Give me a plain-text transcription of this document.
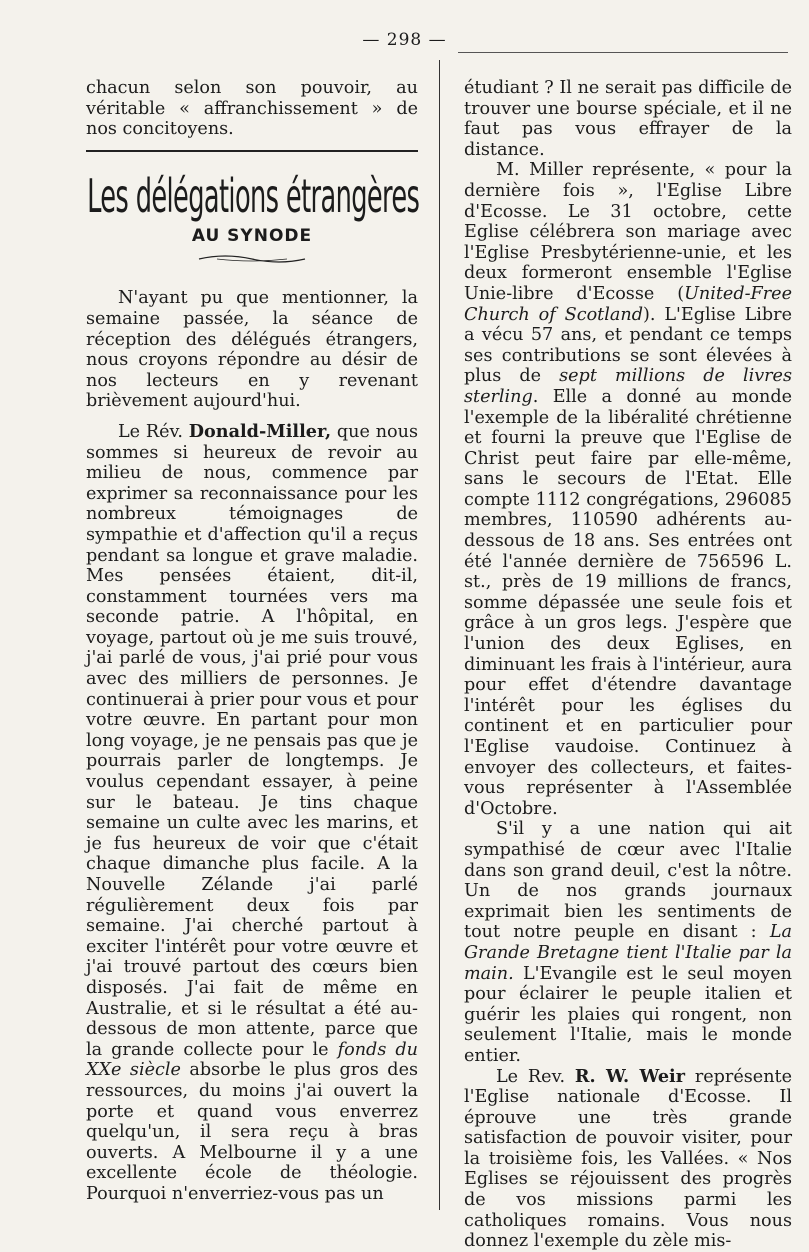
— 298 —

chacun selon son pouvoir, au véritable « affranchissement » de nos concitoyens.

Les délégations étrangères
AU SYNODE

N'ayant pu que mentionner, la semaine passée, la séance de réception des délégués étrangers, nous croyons répondre au désir de nos lecteurs en y revenant brièvement aujourd'hui.

Le Rév. Donald-Miller, que nous sommes si heureux de revoir au milieu de nous, commence par exprimer sa reconnaissance pour les nombreux témoignages de sympathie et d'affection qu'il a reçus pendant sa longue et grave maladie. Mes pensées étaient, dit-il, constamment tournées vers ma seconde patrie. A l'hôpital, en voyage, partout où je me suis trouvé, j'ai parlé de vous, j'ai prié pour vous avec des milliers de personnes. Je continuerai à prier pour vous et pour votre œuvre. En partant pour mon long voyage, je ne pensais pas que je pourrais parler de longtemps. Je voulus cependant essayer, à peine sur le bateau. Je tins chaque semaine un culte avec les marins, et je fus heureux de voir que c'était chaque dimanche plus facile. A la Nouvelle Zélande j'ai parlé régulièrement deux fois par semaine. J'ai cherché partout à exciter l'intérêt pour votre œuvre et j'ai trouvé partout des cœurs bien disposés. J'ai fait de même en Australie, et si le résultat a été au-dessous de mon attente, parce que la grande collecte pour le fonds du XXe siècle absorbe le plus gros des ressources, du moins j'ai ouvert la porte et quand vous enverrez quelqu'un, il sera reçu à bras ouverts. A Melbourne il y a une excellente école de théologie. Pourquoi n'enverriez-vous pas un

étudiant ? Il ne serait pas difficile de trouver une bourse spéciale, et il ne faut pas vous effrayer de la distance.

M. Miller représente, « pour la dernière fois », l'Eglise Libre d'Ecosse. Le 31 octobre, cette Eglise célébrera son mariage avec l'Eglise Presbytérienne-unie, et les deux formeront ensemble l'Eglise Unie-libre d'Ecosse (United-Free Church of Scotland). L'Eglise Libre a vécu 57 ans, et pendant ce temps ses contributions se sont élevées à plus de sept millions de livres sterling. Elle a donné au monde l'exemple de la libéralité chrétienne et fourni la preuve que l'Eglise de Christ peut faire par elle-même, sans le secours de l'Etat. Elle compte 1112 congrégations, 296085 membres, 110590 adhérents au-dessous de 18 ans. Ses entrées ont été l'année dernière de 756596 L. st., près de 19 millions de francs, somme dépassée une seule fois et grâce à un gros legs. J'espère que l'union des deux Eglises, en diminuant les frais à l'intérieur, aura pour effet d'étendre davantage l'intérêt pour les églises du continent et en particulier pour l'Eglise vaudoise. Continuez à envoyer des collecteurs, et faites-vous représenter à l'Assemblée d'Octobre.

S'il y a une nation qui ait sympathisé de cœur avec l'Italie dans son grand deuil, c'est la nôtre. Un de nos grands journaux exprimait bien les sentiments de tout notre peuple en disant : La Grande Bretagne tient l'Italie par la main. L'Evangile est le seul moyen pour éclairer le peuple italien et guérir les plaies qui rongent, non seulement l'Italie, mais le monde entier.

Le Rev. R. W. Weir représente l'Eglise nationale d'Ecosse. Il éprouve une très grande satisfaction de pouvoir visiter, pour la troisième fois, les Vallées. « Nos Eglises se réjouissent des progrès de vos missions parmi les catholiques romains. Vous nous donnez l'exemple du zèle mis-
